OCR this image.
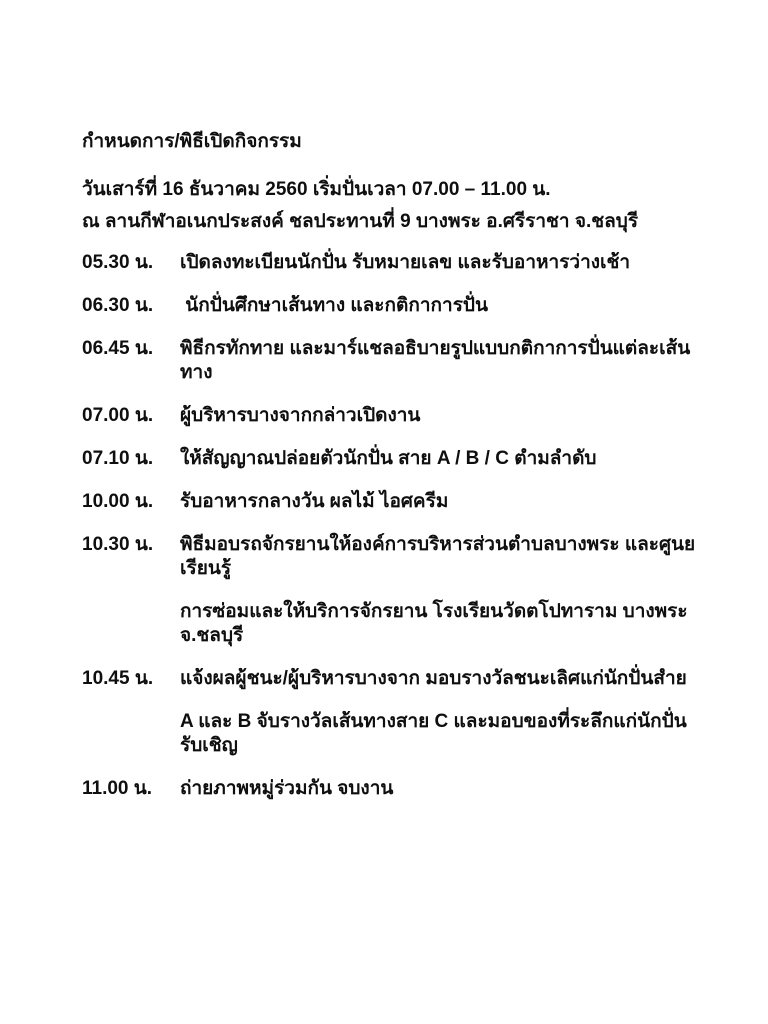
กำหนดการ/พิธีเปิดกิจกรรม
วันเสาร์ที่ 16 ธันวาคม 2560 เริ่มปั่นเวลา 07.00 – 11.00 น.
ณ ลานกีฬาอเนกประสงค์ ชลประทานที่ 9 บางพระ อ.ศรีราชา จ.ชลบุรี
05.30 น.	เปิดลงทะเบียนนักปั่น รับหมายเลข และรับอาหารว่างเช้า
06.30 น.	นักปั่นศึกษาเส้นทาง และกติกาการปั่น
06.45 น.	พิธีกรทักทาย และมาร์แชลอธิบายรูปแบบกติกาการปั่นแต่ละเส้นทาง
07.00 น.	ผู้บริหารบางจากกล่าวเปิดงาน
07.10 น.	ให้สัญญาณปล่อยตัวนักปั่น สาย A / B / C ตำมลำดับ
10.00 น.	รับอาหารกลางวัน ผลไม้ ไอศครีม
10.30 น.	พิธีมอบรถจักรยานให้องค์การบริหารส่วนตำบลบางพระ และศูนยเรียนรู้
การซ่อมและให้บริการจักรยาน โรงเรียนวัดตโปทาราม บางพระ จ.ชลบุรี
10.45 น.	แจ้งผลผู้ชนะ/ผู้บริหารบางจาก มอบรางวัลชนะเลิศแก่นักปั่นสำย
A และ B จับรางวัลเส้นทางสาย C และมอบของที่ระลึกแก่นักปั่นรับเชิญ
11.00 น.	ถ่ายภาพหมู่ร่วมกัน จบงาน
